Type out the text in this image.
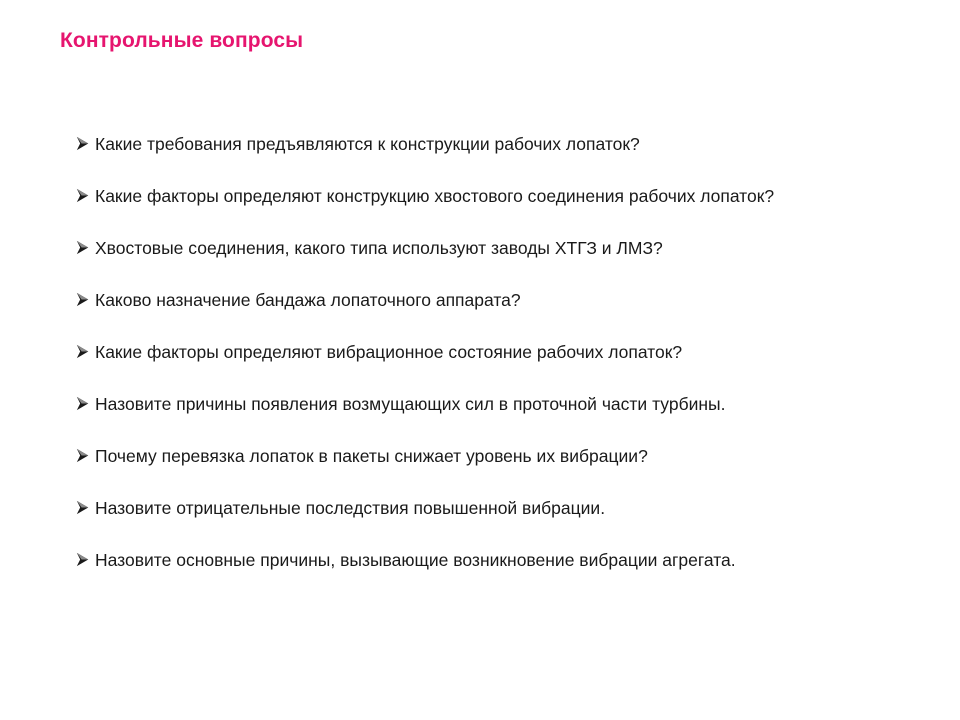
Контрольные вопросы
Какие требования предъявляются к конструкции рабочих лопаток?
Какие факторы определяют конструкцию хвостового соединения рабочих лопаток?
Хвостовые соединения, какого типа используют заводы ХТГЗ и ЛМЗ?
Каково назначение бандажа лопаточного аппарата?
Какие факторы определяют вибрационное состояние рабочих лопаток?
Назовите причины появления возмущающих сил в проточной части турбины.
Почему перевязка лопаток в пакеты снижает уровень их вибрации?
Назовите отрицательные последствия повышенной вибрации.
Назовите основные причины, вызывающие возникновение вибрации агрегата.
